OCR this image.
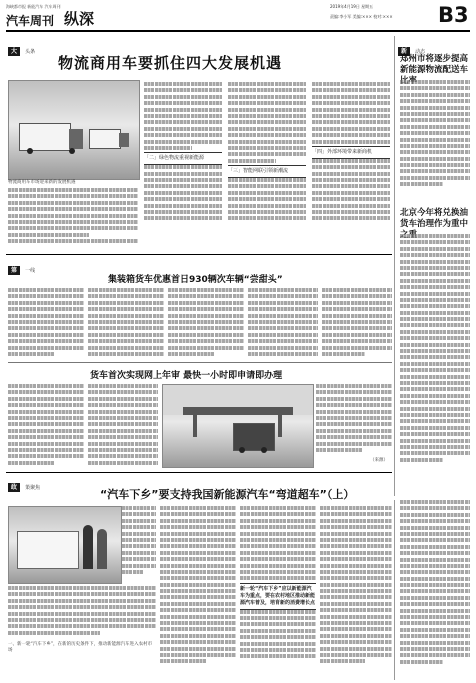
海峡都市报 新能汽车 汽车周刊
汽车周刊 纵深
2019年4月19日 星期五
责编:李小军 美编:××× 校对:××× B3
大 头条
物流商用车要抓住四大发展机遇
物流商用车市场迎来新的发展机遇
「二」绿色物流重视新能源
「三」智能网联引领新潮流
「四」外部环境带来新商机
新 动态
郑州市将逐步提高新能源物流配送车
北京今年将兑换油货车治理作为重中
第 一线
集装箱货车优惠首日930辆次车辆“尝甜头”
货车首次实现网上年审 最快一小时即申请即办理
（来源）
政 策聚焦	“汽车下乡”要支持我国新能源汽车“弯道超车”（上）
一、新一轮“汽车下乡”，在新的历史条件下，推动新能源汽车进入农村市场
新一轮“汽车下乡”应以新能源汽车为重点，要在农村地区推动新能源汽车普及，培育新的消费增长点
